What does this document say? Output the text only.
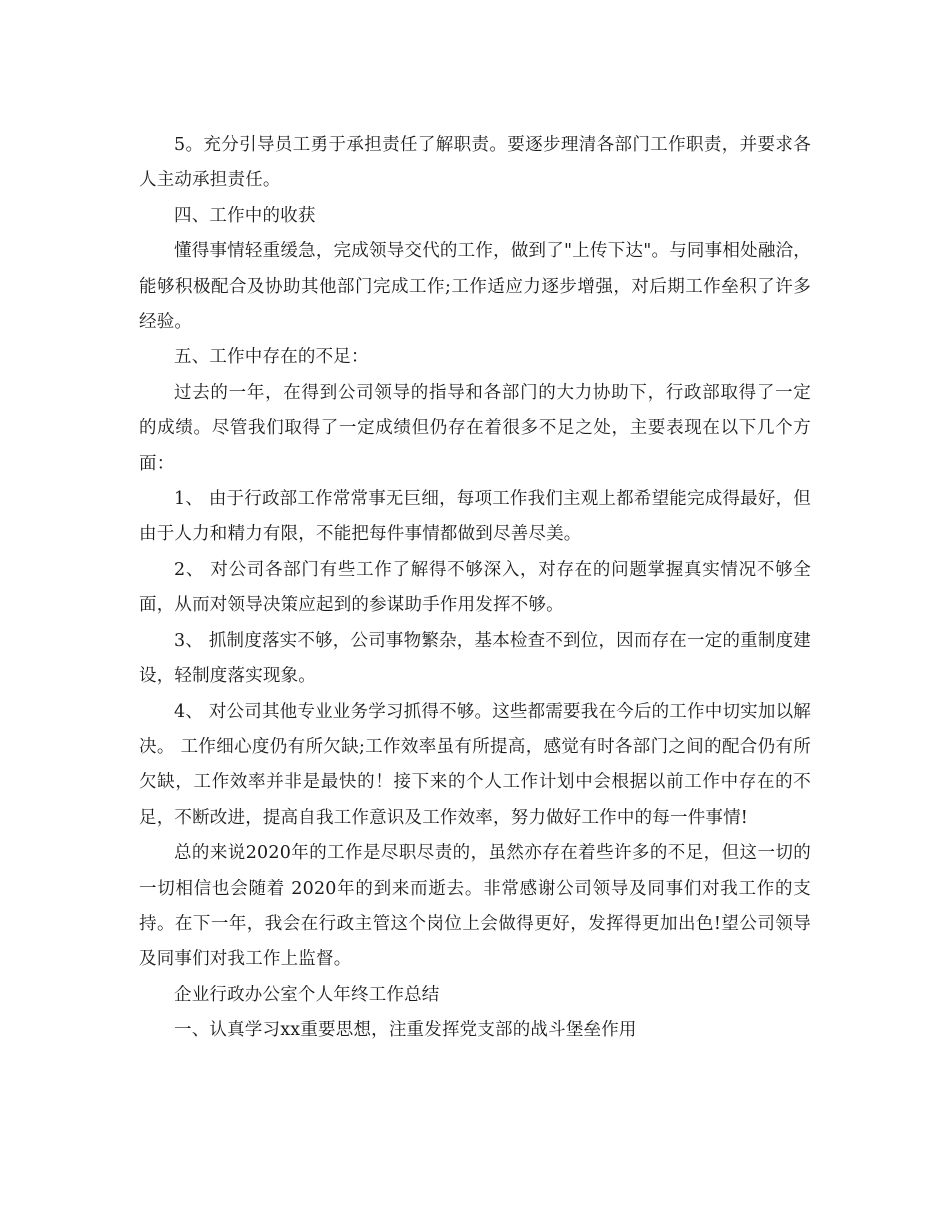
5。充分引导员工勇于承担责任了解职责。要逐步理清各部门工作职责，并要求各人主动承担责任。

四、工作中的收获

懂得事情轻重缓急，完成领导交代的工作，做到了"上传下达"。与同事相处融洽，能够积极配合及协助其他部门完成工作;工作适应力逐步增强，对后期工作垒积了许多经验。

五、工作中存在的不足：

过去的一年，在得到公司领导的指导和各部门的大力协助下，行政部取得了一定的成绩。尽管我们取得了一定成绩但仍存在着很多不足之处，主要表现在以下几个方面：

1、 由于行政部工作常常事无巨细，每项工作我们主观上都希望能完成得最好，但由于人力和精力有限，不能把每件事情都做到尽善尽美。

2、 对公司各部门有些工作了解得不够深入，对存在的问题掌握真实情况不够全面，从而对领导决策应起到的参谋助手作用发挥不够。

3、 抓制度落实不够，公司事物繁杂，基本检查不到位，因而存在一定的重制度建设，轻制度落实现象。

4、 对公司其他专业业务学习抓得不够。这些都需要我在今后的工作中切实加以解决。 工作细心度仍有所欠缺;工作效率虽有所提高，感觉有时各部门之间的配合仍有所欠缺，工作效率并非是最快的！接下来的个人工作计划中会根据以前工作中存在的不足，不断改进，提高自我工作意识及工作效率，努力做好工作中的每一件事情!

总的来说2020年的工作是尽职尽责的，虽然亦存在着些许多的不足，但这一切的一切相信也会随着 2020年的到来而逝去。非常感谢公司领导及同事们对我工作的支持。在下一年，我会在行政主管这个岗位上会做得更好，发挥得更加出色!望公司领导及同事们对我工作上监督。

企业行政办公室个人年终工作总结

一、认真学习xx重要思想，注重发挥党支部的战斗堡垒作用
